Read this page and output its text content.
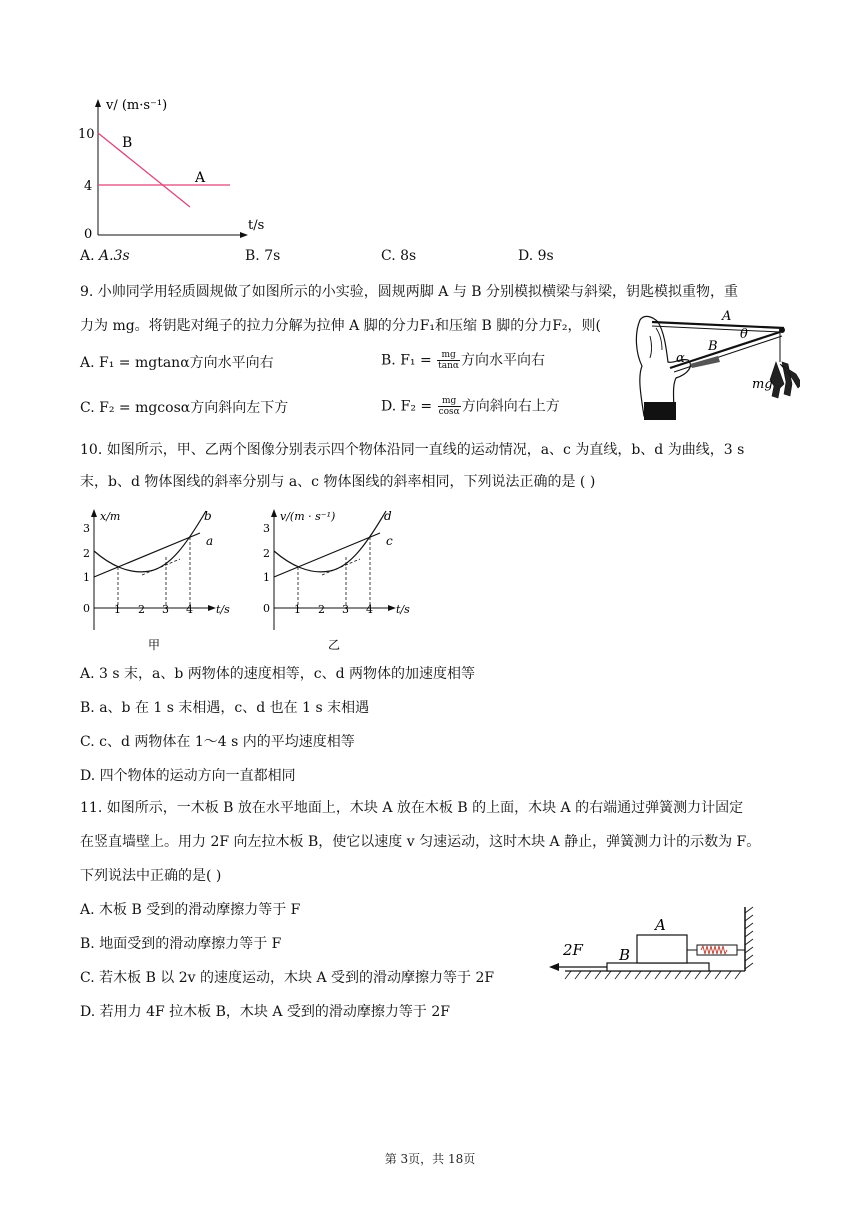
v/ (m·s⁻¹)
t/s
10
4
0
B
A
A. A.3s	B. 7s	C. 8s	D. 9s
9. 小帅同学用轻质圆规做了如图所示的小实验，圆规两脚 A 与 B 分别模拟横梁与斜梁，钥匙模拟重物，重
力为 mg。将钥匙对绳子的拉力分解为拉伸 A 脚的分力F₁和压缩 B 脚的分力F₂，则(
A. F₁ = mgtanα方向水平向右	B. $F_1 = \frac{mg}{\tan\alpha}$ 方向水平向右
C. F₂ = mgcosα方向斜向左下方	D. $F_2 = \frac{mg}{\cos\alpha}$ 方向斜向右上方
A
θ
B
α
mg
10. 如图所示，甲、乙两个图像分别表示四个物体沿同一直线的运动情况，a、c 为直线，b、d 为曲线，3 s
末，b、d 物体图线的斜率分别与 a、c 物体图线的斜率相同，下列说法正确的是 ( )
x/m
t/s
3
2
1
0 1 2 3 4
b
a
甲
v/(m · s⁻¹)
t/s
3
2
1
0 1 2 3 4
d
c
乙
A. 3 s 末，a、b 两物体的速度相等，c、d 两物体的加速度相等
B. a、b 在 1 s 末相遇，c、d 也在 1 s 末相遇
C. c、d 两物体在 1～4 s 内的平均速度相等
D. 四个物体的运动方向一直都相同
11. 如图所示，一木板 B 放在水平地面上，木块 A 放在木板 B 的上面，木块 A 的右端通过弹簧测力计固定
在竖直墙壁上。用力 2F 向左拉木板 B，使它以速度 v 匀速运动，这时木块 A 静止，弹簧测力计的示数为 F。
下列说法中正确的是( )
A. 木板 B 受到的滑动摩擦力等于 F
B. 地面受到的滑动摩擦力等于 F
C. 若木板 B 以 2v 的速度运动，木块 A 受到的滑动摩擦力等于 2F
D. 若用力 4F 拉木板 B，木块 A 受到的滑动摩擦力等于 2F
2F
A
B
第 3页，共 18页
